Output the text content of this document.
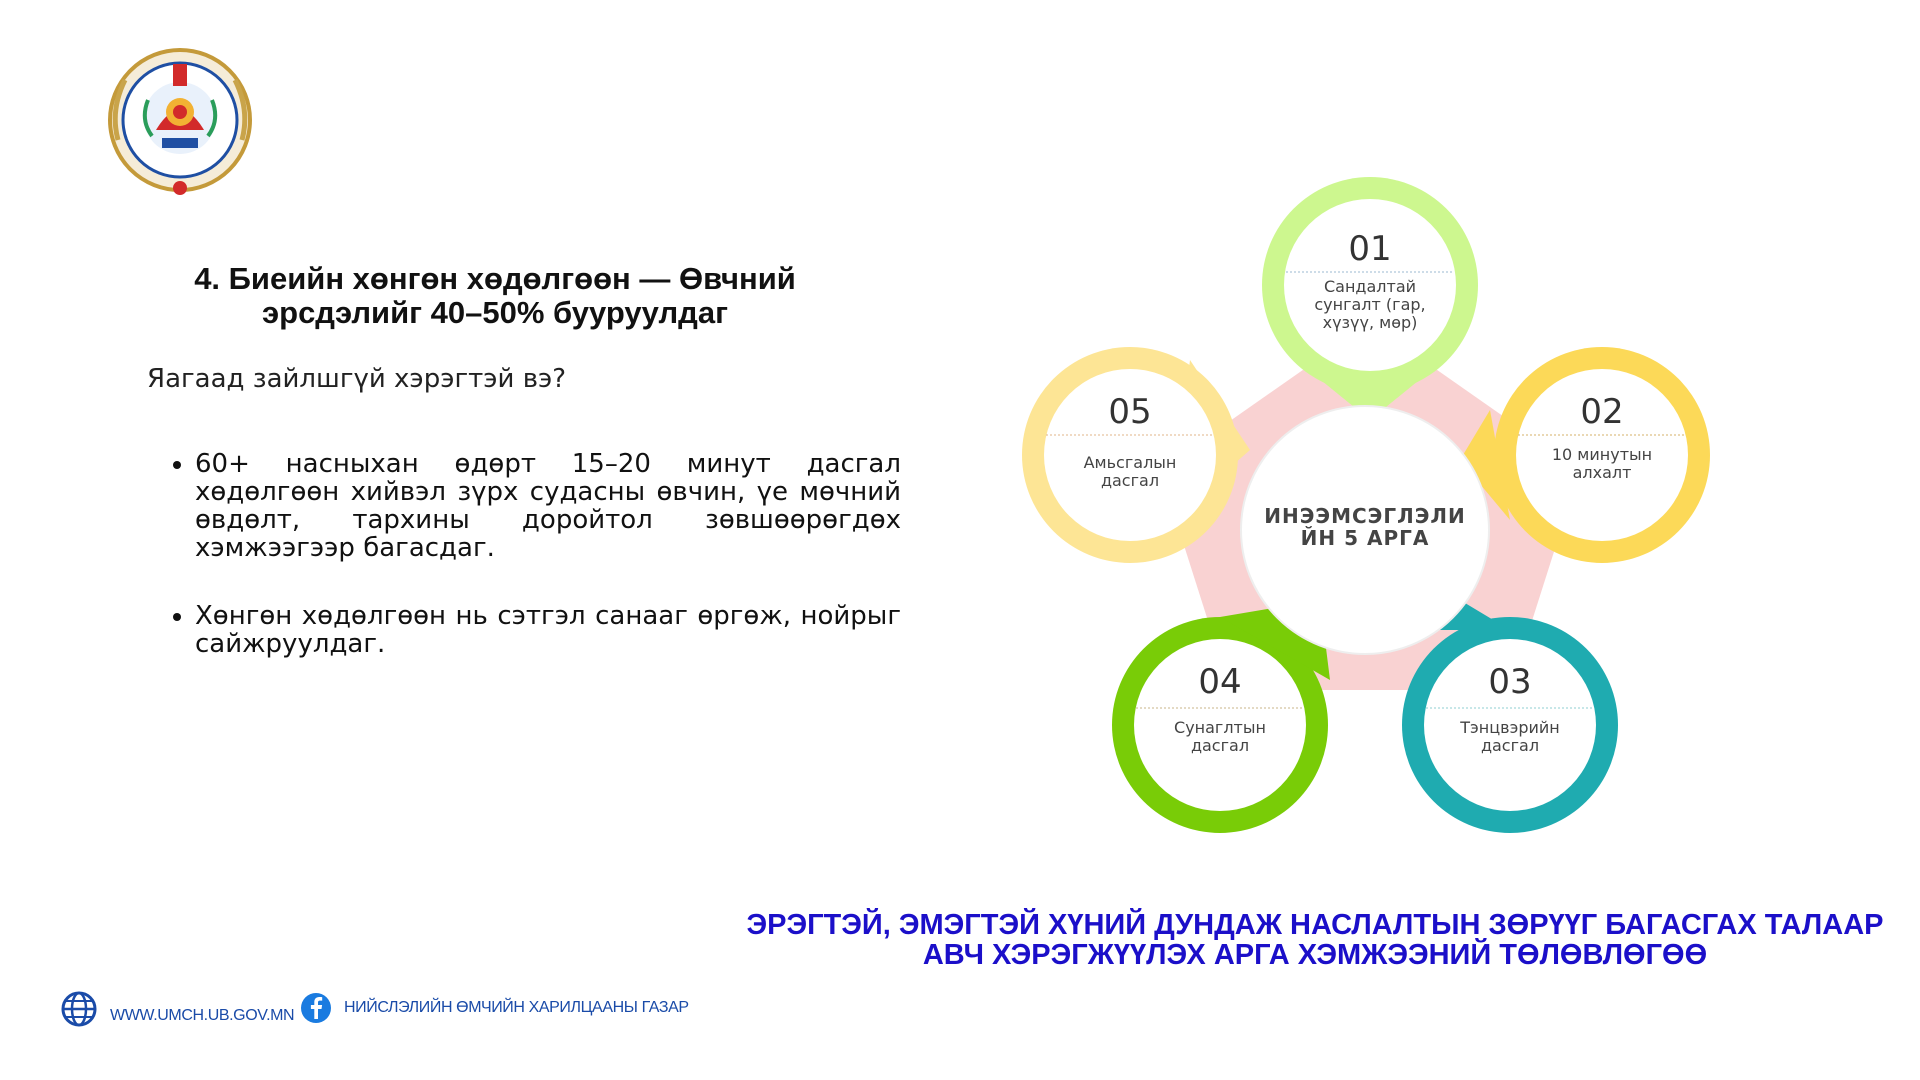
4. Биеийн хөнгөн хөдөлгөөн — Өвчний эрсдэлийг 40–50% бууруулдаг
Яагаад зайлшгүй хэрэгтэй вэ?
• 60+ насныхан өдөрт 15–20 минут дасгал хөдөлгөөн хийвэл зүрх судасны өвчин, үе мөчний өвдөлт, тархины доройтол зөвшөөрөгдөх хэмжээгээр багасдаг.
• Хөнгөн хөдөлгөөн нь сэтгэл санааг өргөж, нойрыг сайжруулдаг.
01
Сандалтай
сунгалт (гар,
хүзүү, мөр)
02
10 минутын
алхалт
03
Тэнцвэрийн
дасгал
04
Сунаглтын
дасгал
05
Амьсгалын
дасгал
ИНЭЭМСЭГЛЭЛИ
ЙН 5 АРГА
ЭРЭГТЭЙ, ЭМЭГТЭЙ ХҮНИЙ ДУНДАЖ НАСЛАЛТЫН ЗӨРҮҮГ БАГАСГАХ ТАЛААР АВЧ ХЭРЭГЖҮҮЛЭХ АРГА ХЭМЖЭЭНИЙ ТӨЛӨВЛӨГӨӨ
WWW.UMCH.UB.GOV.MN	НИЙСЛЭЛИЙН ӨМЧИЙН ХАРИЛЦААНЫ ГАЗАР
